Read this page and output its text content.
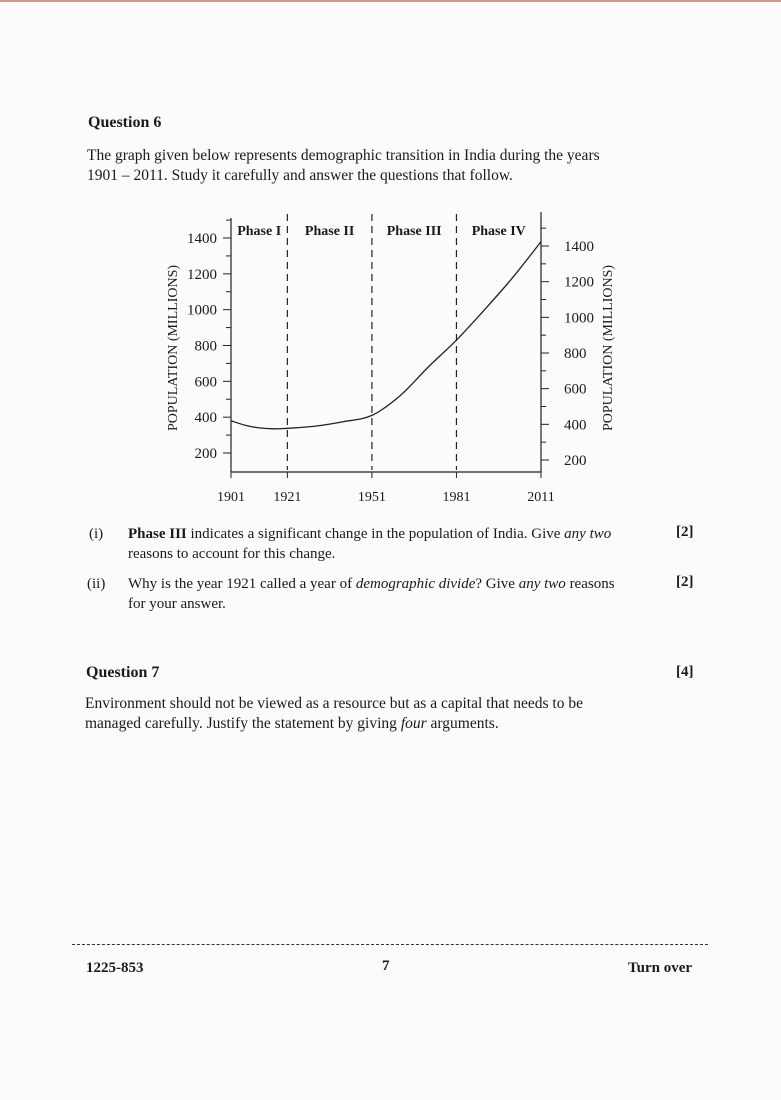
Question 6
The graph given below represents demographic transition in India during the years
1901 – 2011. Study it carefully and answer the questions that follow.
200
400
600
800
1000
1200
1400
200
400
600
800
1000
1200
1400
1901 1921	1951	1981	2011
Phase I Phase II Phase III Phase IV
POPULATION (MILLIONS)	POPULATION (MILLIONS)
(i) Phase III indicates a significant change in the population of India. Give any two
reasons to account for this change.
[2]
(ii) Why is the year 1921 called a year of demographic divide? Give any two reasons
for your answer.
[2]
Question 7	[4]
Environment should not be viewed as a resource but as a capital that needs to be
managed carefully. Justify the statement by giving four arguments.
1225-853	7	Turn over
